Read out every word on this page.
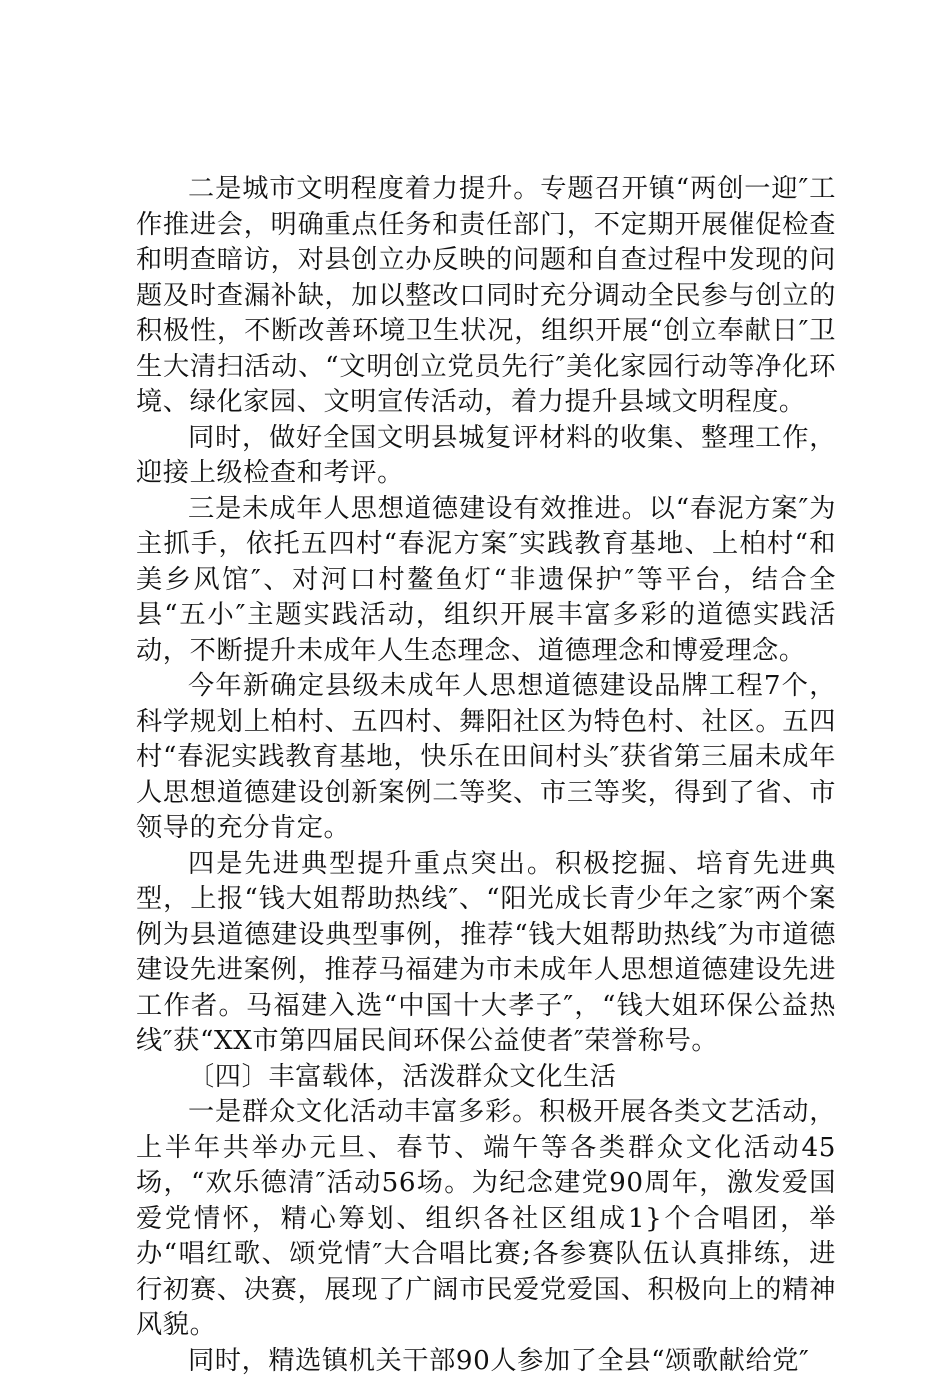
二是城市文明程度着力提升。专题召开镇“两创一迎″工作推进会，明确重点任务和责任部门，不定期开展催促检查和明查暗访，对县创立办反映的问题和自查过程中发现的问题及时查漏补缺，加以整改口同时充分调动全民参与创立的积极性，不断改善环境卫生状况，组织开展“创立奉献日″卫生大清扫活动、“文明创立党员先行″美化家园行动等净化环境、绿化家园、文明宣传活动，着力提升县域文明程度。

同时，做好全国文明县城复评材料的收集、整理工作，迎接上级检查和考评。

三是未成年人思想道德建设有效推进。以“春泥方案″为主抓手，依托五四村“春泥方案″实践教育基地、上柏村“和美乡风馆″、对河口村鳌鱼灯“非遗保护″等平台，结合全县“五小″主题实践活动，组织开展丰富多彩的道德实践活动，不断提升未成年人生态理念、道德理念和博爱理念。

今年新确定县级未成年人思想道德建设品牌工程7个，科学规划上柏村、五四村、舞阳社区为特色村、社区。五四村“春泥实践教育基地，快乐在田间村头″获省第三届未成年人思想道德建设创新案例二等奖、市三等奖，得到了省、市领导的充分肯定。

四是先进典型提升重点突出。积极挖掘、培育先进典型，上报“钱大姐帮助热线″、“阳光成长青少年之家″两个案例为县道德建设典型事例，推荐“钱大姐帮助热线″为市道德建设先进案例，推荐马福建为市未成年人思想道德建设先进工作者。马福建入选“中国十大孝子″，“钱大姐环保公益热线″获“XX市第四届民间环保公益使者″荣誉称号。

〔四〕丰富载体，活泼群众文化生活

一是群众文化活动丰富多彩。积极开展各类文艺活动，上半年共举办元旦、春节、端午等各类群众文化活动45场，“欢乐德清″活动56场。为纪念建党90周年，激发爱国爱党情怀，精心筹划、组织各社区组成1}个合唱团，举办“唱红歌、颂党情″大合唱比赛;各参赛队伍认真排练，进行初赛、决赛，展现了广阔市民爱党爱国、积极向上的精神风貌。

同时，精选镇机关干部90人参加了全县“颂歌献给党″
